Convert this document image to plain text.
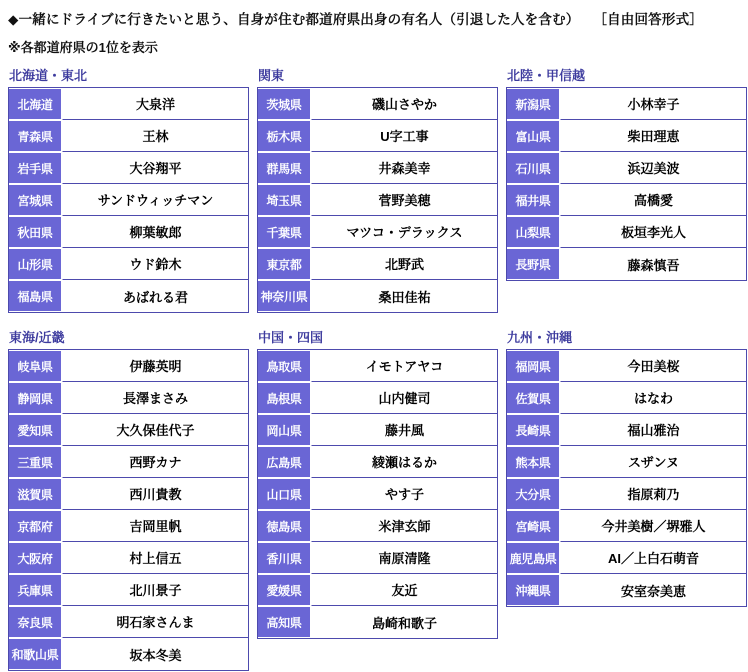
◆一緒にドライブに行きたいと思う、自身が住む都道府県出身の有名人（引退した人を含む）　　［自由回答形式］
※各都道府県の1位を表示
北海道・東北
北海道	大泉洋
青森県	王林
岩手県	大谷翔平
宮城県	サンドウィッチマン
秋田県	柳葉敏郎
山形県	ウド鈴木
福島県	あばれる君
関東
茨城県	磯山さやか
栃木県	U字工事
群馬県	井森美幸
埼玉県	菅野美穂
千葉県	マツコ・デラックス
東京都	北野武
神奈川県	桑田佳祐
北陸・甲信越
新潟県	小林幸子
富山県	柴田理恵
石川県	浜辺美波
福井県	高橋愛
山梨県	板垣李光人
長野県	藤森慎吾
東海/近畿
岐阜県	伊藤英明
静岡県	長澤まさみ
愛知県	大久保佳代子
三重県	西野カナ
滋賀県	西川貴教
京都府	吉岡里帆
大阪府	村上信五
兵庫県	北川景子
奈良県	明石家さんま
和歌山県	坂本冬美
中国・四国
鳥取県	イモトアヤコ
島根県	山内健司
岡山県	藤井風
広島県	綾瀬はるか
山口県	やす子
徳島県	米津玄師
香川県	南原清隆
愛媛県	友近
高知県	島崎和歌子
九州・沖縄
福岡県	今田美桜
佐賀県	はなわ
長崎県	福山雅治
熊本県	スザンヌ
大分県	指原莉乃
宮崎県	今井美樹／堺雅人
鹿児島県	AI／上白石萌音
沖縄県	安室奈美恵
